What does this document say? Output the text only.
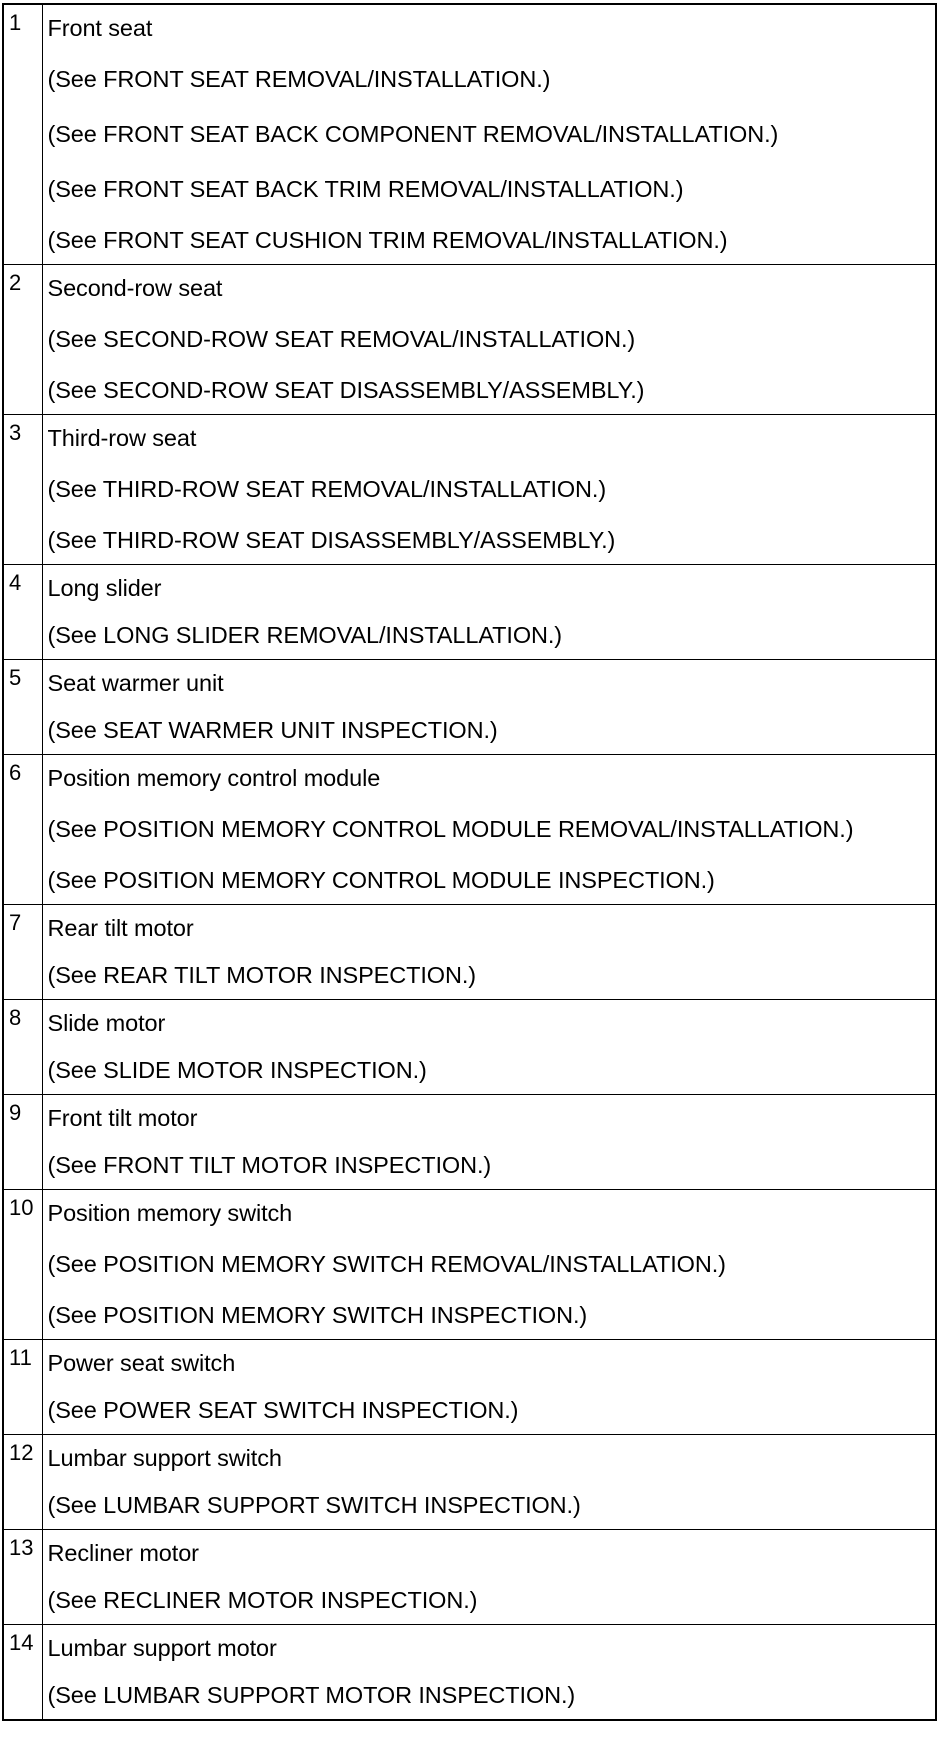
1	Front seat
(See FRONT SEAT REMOVAL/INSTALLATION.)
(See FRONT SEAT BACK COMPONENT REMOVAL/INSTALLATION.)
(See FRONT SEAT BACK TRIM REMOVAL/INSTALLATION.)
(See FRONT SEAT CUSHION TRIM REMOVAL/INSTALLATION.)

2	Second-row seat
(See SECOND-ROW SEAT REMOVAL/INSTALLATION.)
(See SECOND-ROW SEAT DISASSEMBLY/ASSEMBLY.)

3	Third-row seat
(See THIRD-ROW SEAT REMOVAL/INSTALLATION.)
(See THIRD-ROW SEAT DISASSEMBLY/ASSEMBLY.)

4	Long slider
(See LONG SLIDER REMOVAL/INSTALLATION.)

5	Seat warmer unit
(See SEAT WARMER UNIT INSPECTION.)

6	Position memory control module
(See POSITION MEMORY CONTROL MODULE REMOVAL/INSTALLATION.)
(See POSITION MEMORY CONTROL MODULE INSPECTION.)

7	Rear tilt motor
(See REAR TILT MOTOR INSPECTION.)

8	Slide motor
(See SLIDE MOTOR INSPECTION.)

9	Front tilt motor
(See FRONT TILT MOTOR INSPECTION.)

10	Position memory switch
(See POSITION MEMORY SWITCH REMOVAL/INSTALLATION.)
(See POSITION MEMORY SWITCH INSPECTION.)

11	Power seat switch
(See POWER SEAT SWITCH INSPECTION.)

12	Lumbar support switch
(See LUMBAR SUPPORT SWITCH INSPECTION.)

13	Recliner motor
(See RECLINER MOTOR INSPECTION.)

14	Lumbar support motor
(See LUMBAR SUPPORT MOTOR INSPECTION.)
